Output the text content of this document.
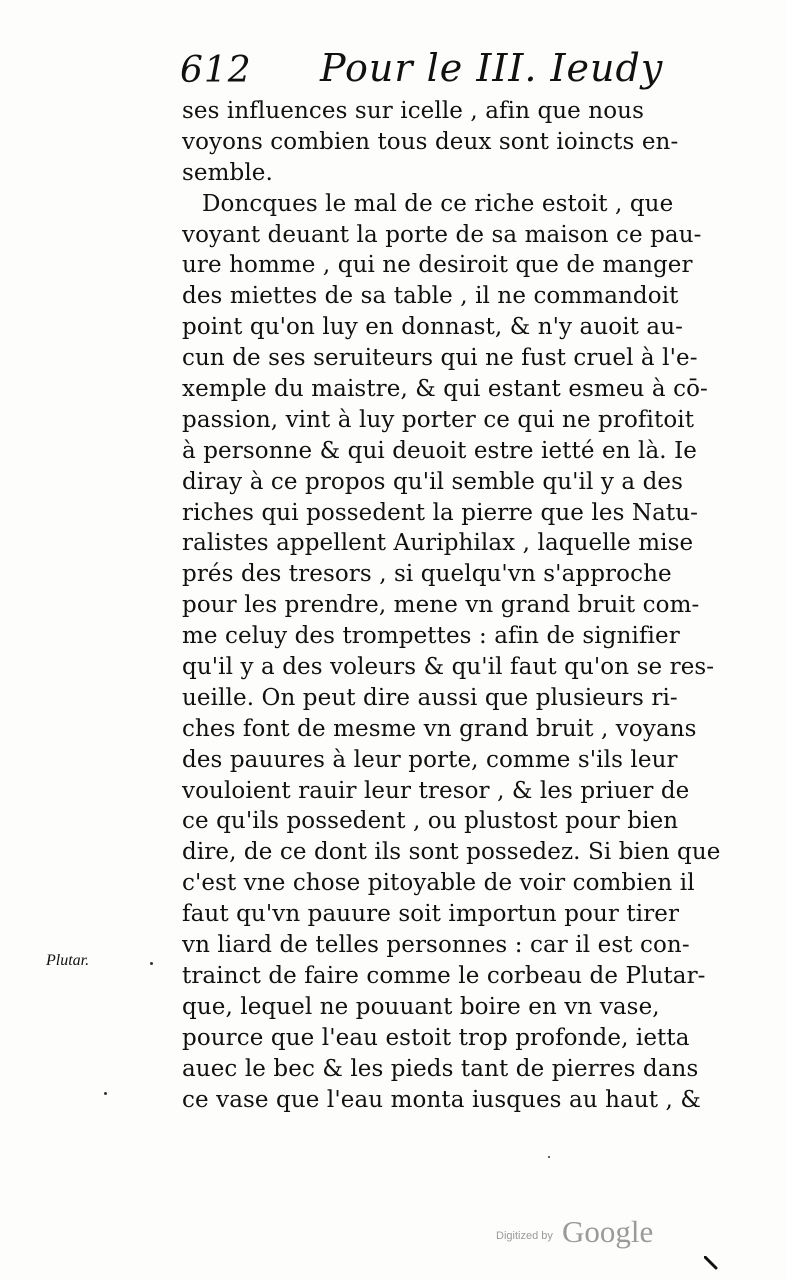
612 Pour le III. Ieudy
ses influences sur icelle , afin que nous
voyons combien tous deux sont ioincts en-
semble.
Doncques le mal de ce riche estoit , que
voyant deuant la porte de sa maison ce pau-
ure homme , qui ne desiroit que de manger
des miettes de sa table , il ne commandoit
point qu'on luy en donnast, & n'y auoit au-
cun de ses seruiteurs qui ne fust cruel à l'e-
xemple du maistre, & qui estant esmeu à cō-
passion, vint à luy porter ce qui ne profitoit
à personne & qui deuoit estre ietté en là. Ie
diray à ce propos qu'il semble qu'il y a des
riches qui possedent la pierre que les Natu-
ralistes appellent Auriphilax , laquelle mise
prés des tresors , si quelqu'vn s'approche
pour les prendre, mene vn grand bruit com-
me celuy des trompettes : afin de signifier
qu'il y a des voleurs & qu'il faut qu'on se res-
ueille. On peut dire aussi que plusieurs ri-
ches font de mesme vn grand bruit , voyans
des pauures à leur porte, comme s'ils leur
vouloient rauir leur tresor , & les priuer de
ce qu'ils possedent , ou plustost pour bien
dire, de ce dont ils sont possedez. Si bien que
c'est vne chose pitoyable de voir combien il
faut qu'vn pauure soit importun pour tirer
vn liard de telles personnes : car il est con-
trainct de faire comme le corbeau de Plutar-
que, lequel ne pouuant boire en vn vase,
pource que l'eau estoit trop profonde, ietta
auec le bec & les pieds tant de pierres dans
ce vase que l'eau monta iusques au haut , &
Plutar.
Digitized by Google
